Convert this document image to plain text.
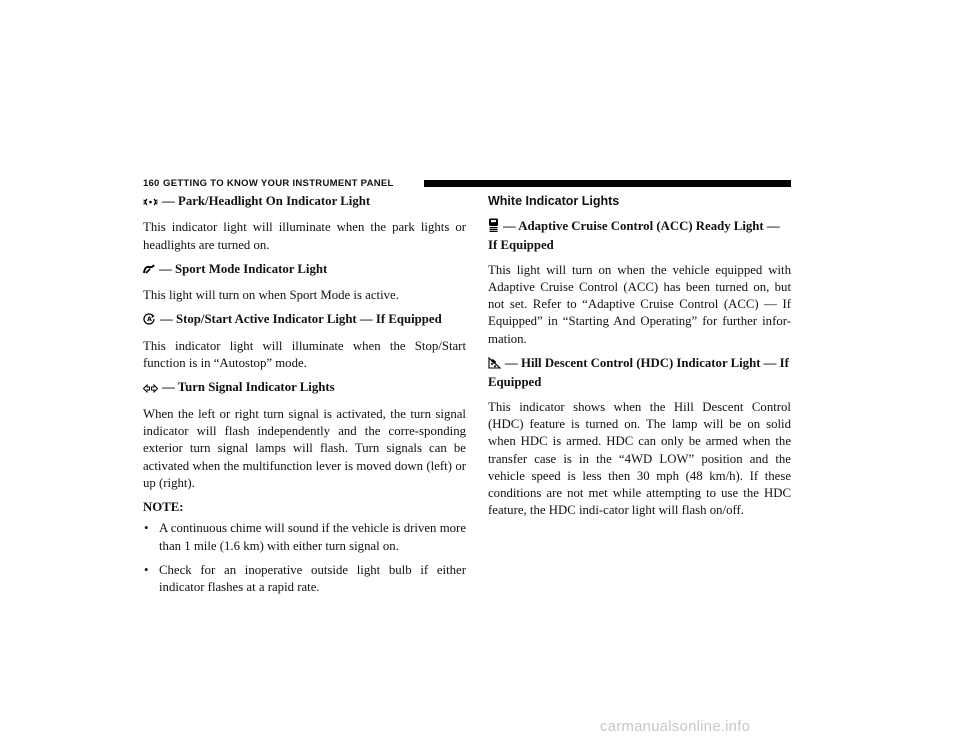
160 GETTING TO KNOW YOUR INSTRUMENT PANEL
— Park/Headlight On Indicator Light

This indicator light will illuminate when the park lights or headlights are turned on.

— Sport Mode Indicator Light

This light will turn on when Sport Mode is active.

A — Stop/Start Active Indicator Light — If Equipped

This indicator light will illuminate when the Stop/Start function is in “Autostop” mode.

— Turn Signal Indicator Lights

When the left or right turn signal is activated, the turn signal indicator will flash independently and the corre-sponding exterior turn signal lamps will flash. Turn signals can be activated when the multifunction lever is moved down (left) or up (right).

NOTE:
• A continuous chime will sound if the vehicle is driven more than 1 mile (1.6 km) with either turn signal on.
• Check for an inoperative outside light bulb if either indicator flashes at a rapid rate.
White Indicator Lights
— Adaptive Cruise Control (ACC) Ready Light — If Equipped

This light will turn on when the vehicle equipped with Adaptive Cruise Control (ACC) has been turned on, but not set. Refer to “Adaptive Cruise Control (ACC) — If Equipped” in “Starting And Operating” for further infor-mation.

— Hill Descent Control (HDC) Indicator Light — If Equipped

This indicator shows when the Hill Descent Control (HDC) feature is turned on. The lamp will be on solid when HDC is armed. HDC can only be armed when the transfer case is in the “4WD LOW” position and the vehicle speed is less then 30 mph (48 km/h). If these conditions are not met while attempting to use the HDC feature, the HDC indi-cator light will flash on/off.

carmanualsonline.info
